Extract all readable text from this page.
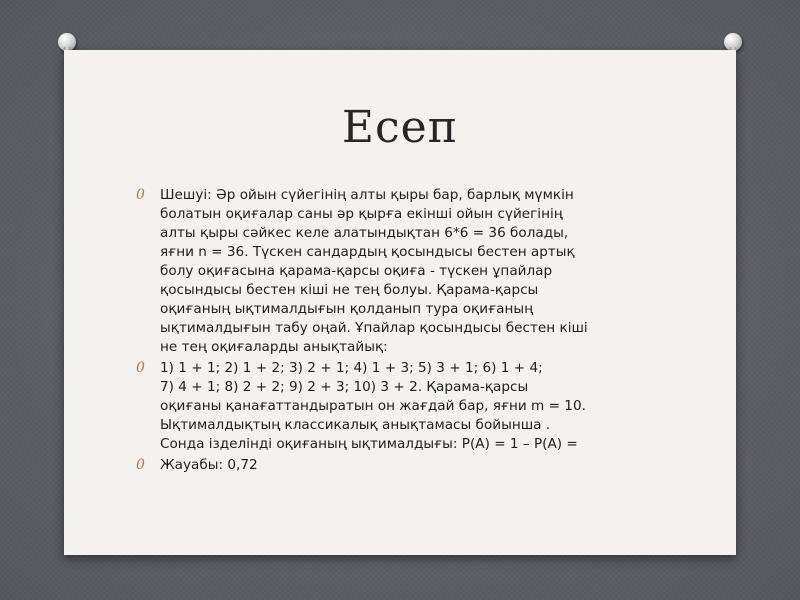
Есеп
0 Шешуі: Әр ойын сүйегінің алты қыры бар, барлық мүмкін
болатын оқиғалар саны әр қырға екінші ойын сүйегінің
алты қыры сәйкес келе алатындықтан 6*6 = 36 болады,
яғни n = 36. Түскен сандардың қосындысы бестен артық
болу оқиғасына қарама-қарсы оқиға - түскен ұпайлар
қосындысы бестен кіші не тең болуы. Қарама-қарсы
оқиғаның ықтималдығын қолданып тура оқиғаның
ықтималдығын табу оңай. Ұпайлар қосындысы бестен кіші
не тең оқиғаларды анықтайық:
0 1) 1 + 1; 2) 1 + 2; 3) 2 + 1; 4) 1 + 3; 5) 3 + 1; 6) 1 + 4;
7) 4 + 1; 8) 2 + 2; 9) 2 + 3; 10) 3 + 2. Қарама-қарсы
оқиғаны қанағаттандыратын он жағдай бар, яғни m = 10.
Ықтималдықтың классикалық анықтамасы бойынша .
Сонда ізделінді оқиғаның ықтималдығы: P(A) = 1 – P(A) =
0 Жауабы: 0,72
